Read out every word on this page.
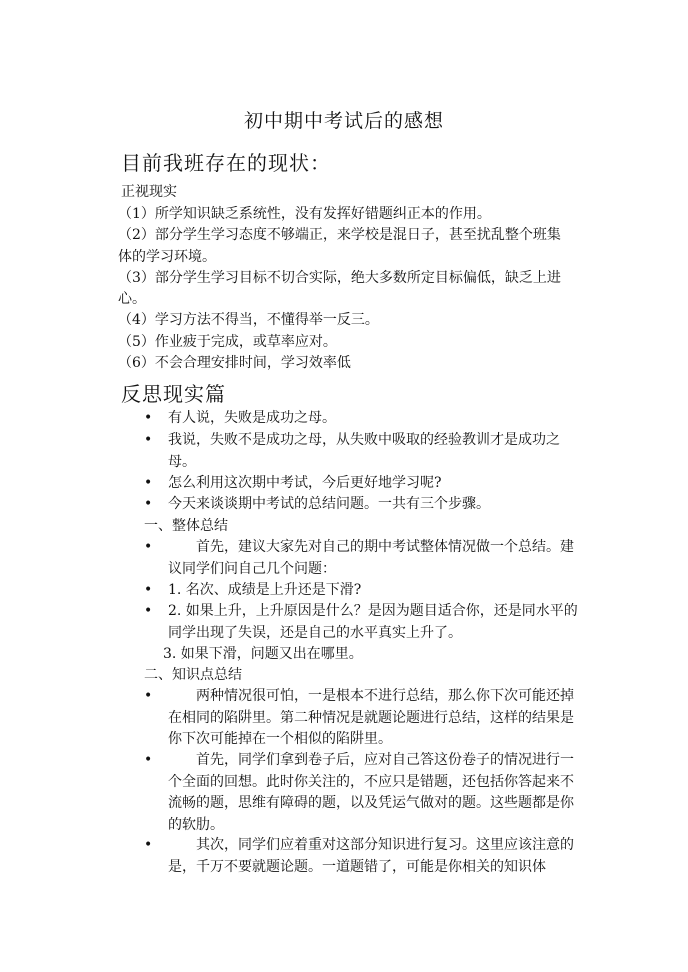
初中期中考试后的感想
目前我班存在的现状：
正视现实
（1）所学知识缺乏系统性，没有发挥好错题纠正本的作用。
（2）部分学生学习态度不够端正，来学校是混日子，甚至扰乱整个班集
体的学习环境。
（3）部分学生学习目标不切合实际，绝大多数所定目标偏低，缺乏上进
心。
（4）学习方法不得当，不懂得举一反三。
（5）作业疲于完成，或草率应对。
（6）不会合理安排时间，学习效率低
反思现实篇
• 有人说，失败是成功之母。
• 我说，失败不是成功之母，从失败中吸取的经验教训才是成功之母。
• 怎么利用这次期中考试，今后更好地学习呢?
• 今天来谈谈期中考试的总结问题。一共有三个步骤。
一、整体总结
•	首先，建议大家先对自己的期中考试整体情况做一个总结。建议同学们问自己几个问题：
• 1. 名次、成绩是上升还是下滑?
• 2. 如果上升，上升原因是什么？是因为题目适合你，还是同水平的同学出现了失误，还是自己的水平真实上升了。
3. 如果下滑，问题又出在哪里。
二、知识点总结
•	两种情况很可怕，一是根本不进行总结，那么你下次可能还掉在相同的陷阱里。第二种情况是就题论题进行总结，这样的结果是你下次可能掉在一个相似的陷阱里。
•	首先，同学们拿到卷子后，应对自己答这份卷子的情况进行一个全面的回想。此时你关注的，不应只是错题，还包括你答起来不流畅的题，思维有障碍的题，以及凭运气做对的题。这些题都是你的软肋。
•	其次，同学们应着重对这部分知识进行复习。这里应该注意的是，千万不要就题论题。一道题错了，可能是你相关的知识体
